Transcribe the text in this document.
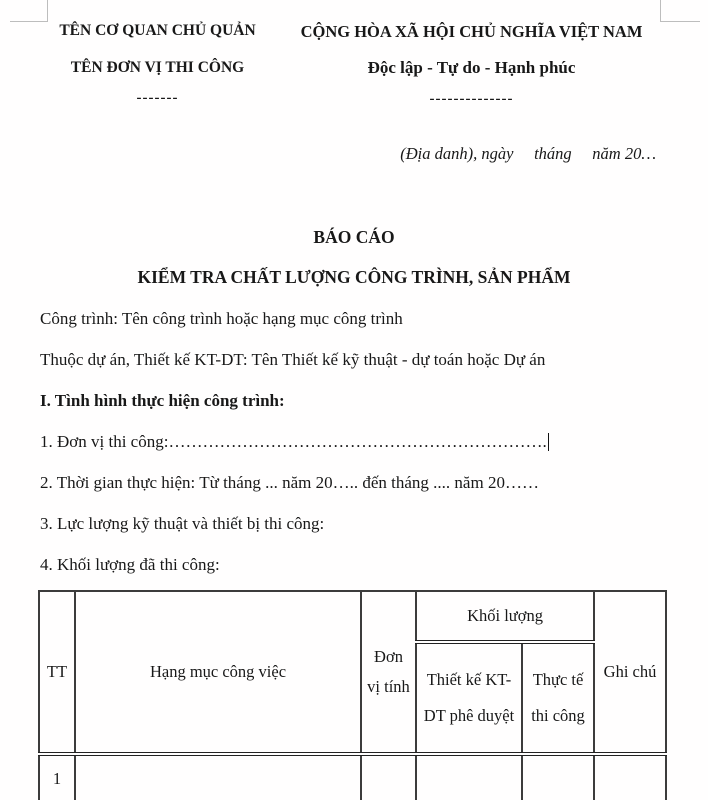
TÊN CƠ QUAN CHỦ QUẢN
TÊN ĐƠN VỊ THI CÔNG
-------
CỘNG HÒA XÃ HỘI CHỦ NGHĨA VIỆT NAM
Độc lập - Tự do - Hạnh phúc
--------------
(Địa danh), ngày     tháng     năm 20…
BÁO CÁO
KIỂM TRA CHẤT LƯỢNG CÔNG TRÌNH, SẢN PHẨM

Công trình: Tên công trình hoặc hạng mục công trình

Thuộc dự án, Thiết kế KT-DT: Tên Thiết kế kỹ thuật - dự toán hoặc Dự án

I. Tình hình thực hiện công trình:

1. Đơn vị thi công:………………………………………………………….

2. Thời gian thực hiện: Từ tháng ... năm 20….. đến tháng .... năm 20……

3. Lực lượng kỹ thuật và thiết bị thi công:

4. Khối lượng đã thi công:

TT	Hạng mục công việc	Đơn vị tính	Khối lượng		Ghi chú
			Thiết kế KT-DT phê duyệt	Thực tế thi công	
1					
